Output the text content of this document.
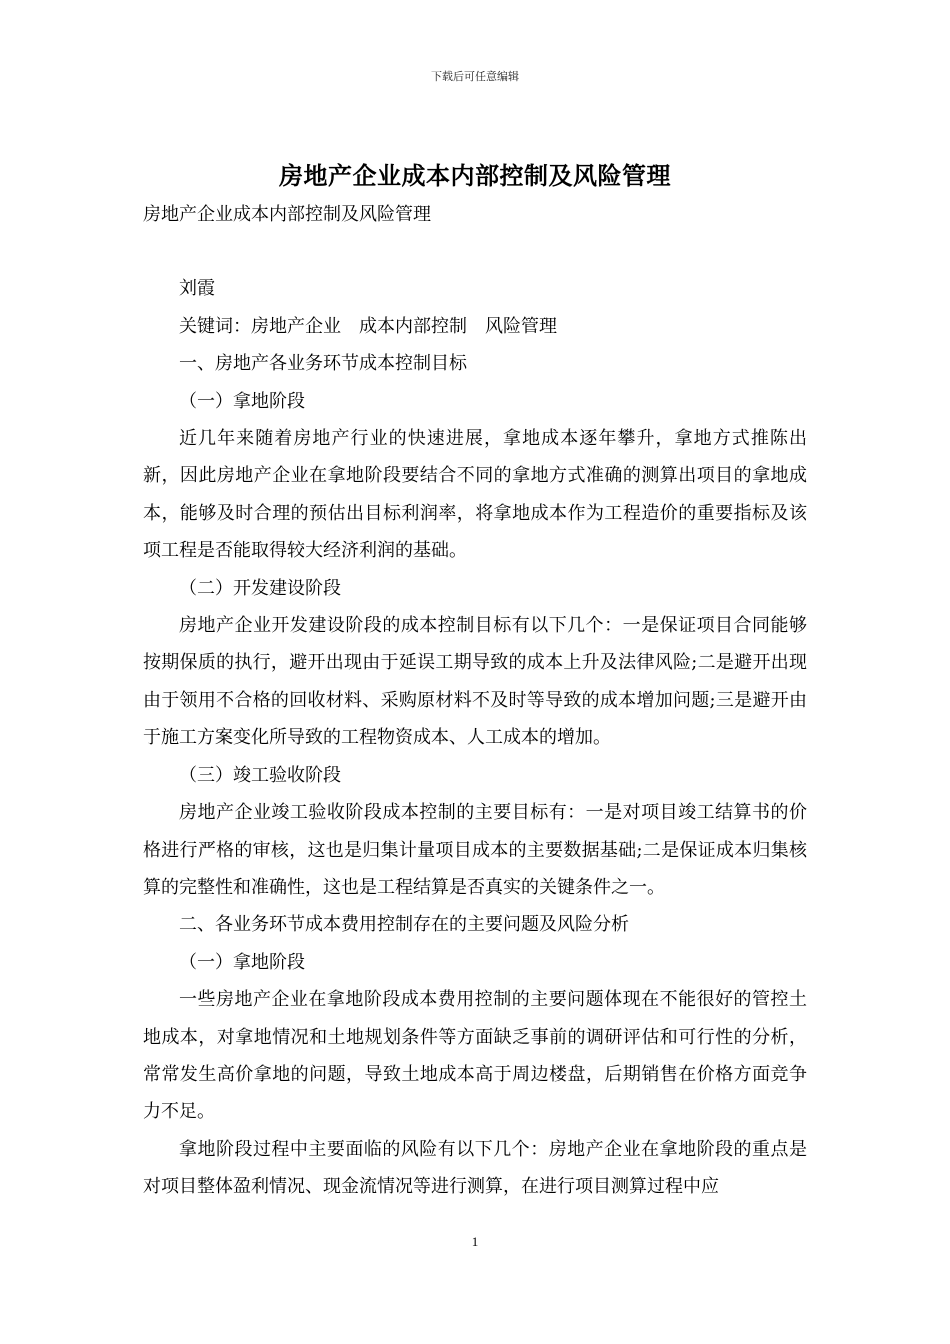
下载后可任意编辑
房地产企业成本内部控制及风险管理

房地产企业成本内部控制及风险管理

刘霞

关键词：房地产企业　成本内部控制　风险管理

一、房地产各业务环节成本控制目标

（一）拿地阶段

近几年来随着房地产行业的快速进展，拿地成本逐年攀升，拿地方式推陈出新，因此房地产企业在拿地阶段要结合不同的拿地方式准确的测算出项目的拿地成本，能够及时合理的预估出目标利润率，将拿地成本作为工程造价的重要指标及该项工程是否能取得较大经济利润的基础。

（二）开发建设阶段

房地产企业开发建设阶段的成本控制目标有以下几个：一是保证项目合同能够按期保质的执行，避开出现由于延误工期导致的成本上升及法律风险;二是避开出现由于领用不合格的回收材料、采购原材料不及时等导致的成本增加问题;三是避开由于施工方案变化所导致的工程物资成本、人工成本的增加。

（三）竣工验收阶段

房地产企业竣工验收阶段成本控制的主要目标有：一是对项目竣工结算书的价格进行严格的审核，这也是归集计量项目成本的主要数据基础;二是保证成本归集核算的完整性和准确性，这也是工程结算是否真实的关键条件之一。

二、各业务环节成本费用控制存在的主要问题及风险分析

（一）拿地阶段

一些房地产企业在拿地阶段成本费用控制的主要问题体现在不能很好的管控土地成本，对拿地情况和土地规划条件等方面缺乏事前的调研评估和可行性的分析，常常发生高价拿地的问题，导致土地成本高于周边楼盘，后期销售在价格方面竞争力不足。

拿地阶段过程中主要面临的风险有以下几个：房地产企业在拿地阶段的重点是对项目整体盈利情况、现金流情况等进行测算，在进行项目测算过程中应

1
